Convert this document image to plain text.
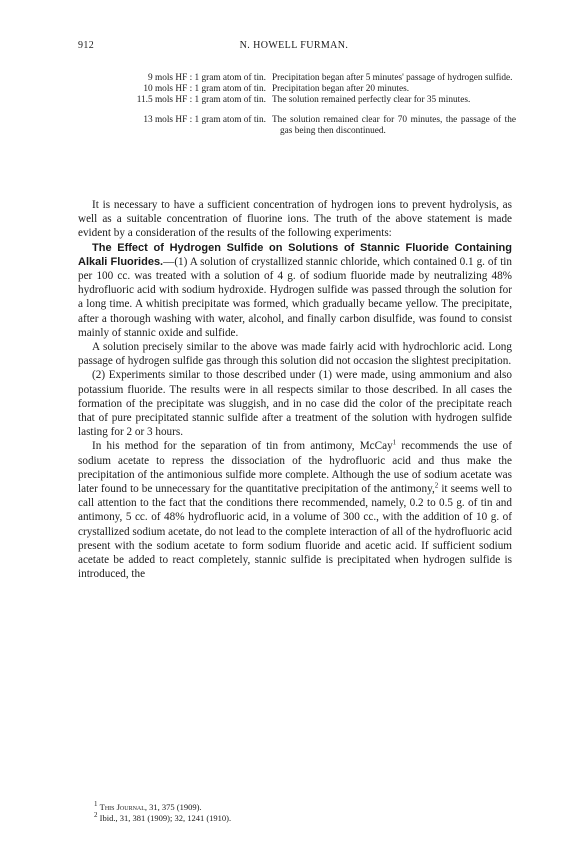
912	N. HOWELL FURMAN.
9 mols HF : 1 gram atom of tin. Precipitation began after 5 minutes' passage of hydrogen sulfide.
10 mols HF : 1 gram atom of tin. Precipitation began after 20 minutes.
11.5 mols HF : 1 gram atom of tin. The solution remained perfectly clear for 35 minutes.
13 mols HF : 1 gram atom of tin. The solution remained clear for 70 minutes, the passage of the gas being then discontinued.

It is necessary to have a sufficient concentration of hydrogen ions to prevent hydrolysis, as well as a suitable concentration of fluorine ions. The truth of the above statement is made evident by a consideration of the results of the following experiments:

The Effect of Hydrogen Sulfide on Solutions of Stannic Fluoride Containing Alkali Fluorides.—(1) A solution of crystallized stannic chloride, which contained 0.1 g. of tin per 100 cc. was treated with a solution of 4 g. of sodium fluoride made by neutralizing 48% hydrofluoric acid with sodium hydroxide. Hydrogen sulfide was passed through the solution for a long time. A whitish precipitate was formed, which gradually became yellow. The precipitate, after a thorough washing with water, alcohol, and finally carbon disulfide, was found to consist mainly of stannic oxide and sulfide.

A solution precisely similar to the above was made fairly acid with hydrochloric acid. Long passage of hydrogen sulfide gas through this solution did not occasion the slightest precipitation.

(2) Experiments similar to those described under (1) were made, using ammonium and also potassium fluoride. The results were in all respects similar to those described. In all cases the formation of the precipitate was sluggish, and in no case did the color of the precipitate reach that of pure precipitated stannic sulfide after a treatment of the solution with hydrogen sulfide lasting for 2 or 3 hours.

In his method for the separation of tin from antimony, McCay$^1$ recommends the use of sodium acetate to repress the dissociation of the hydrofluoric acid and thus make the precipitation of the antimonious sulfide more complete. Although the use of sodium acetate was later found to be unnecessary for the quantitative precipitation of the antimony,$^2$ it seems well to call attention to the fact that the conditions there recommended, namely, 0.2 to 0.5 g. of tin and antimony, 5 cc. of 48% hydrofluoric acid, in a volume of 300 cc., with the addition of 10 g. of crystallized sodium acetate, do not lead to the complete interaction of all of the hydrofluoric acid present with the sodium acetate to form sodium fluoride and acetic acid. If sufficient sodium acetate be added to react completely, stannic sulfide is precipitated when hydrogen sulfide is introduced, the

$^1$ This Journal, 31, 375 (1909).
$^2$ Ibid., 31, 381 (1909); 32, 1241 (1910).
